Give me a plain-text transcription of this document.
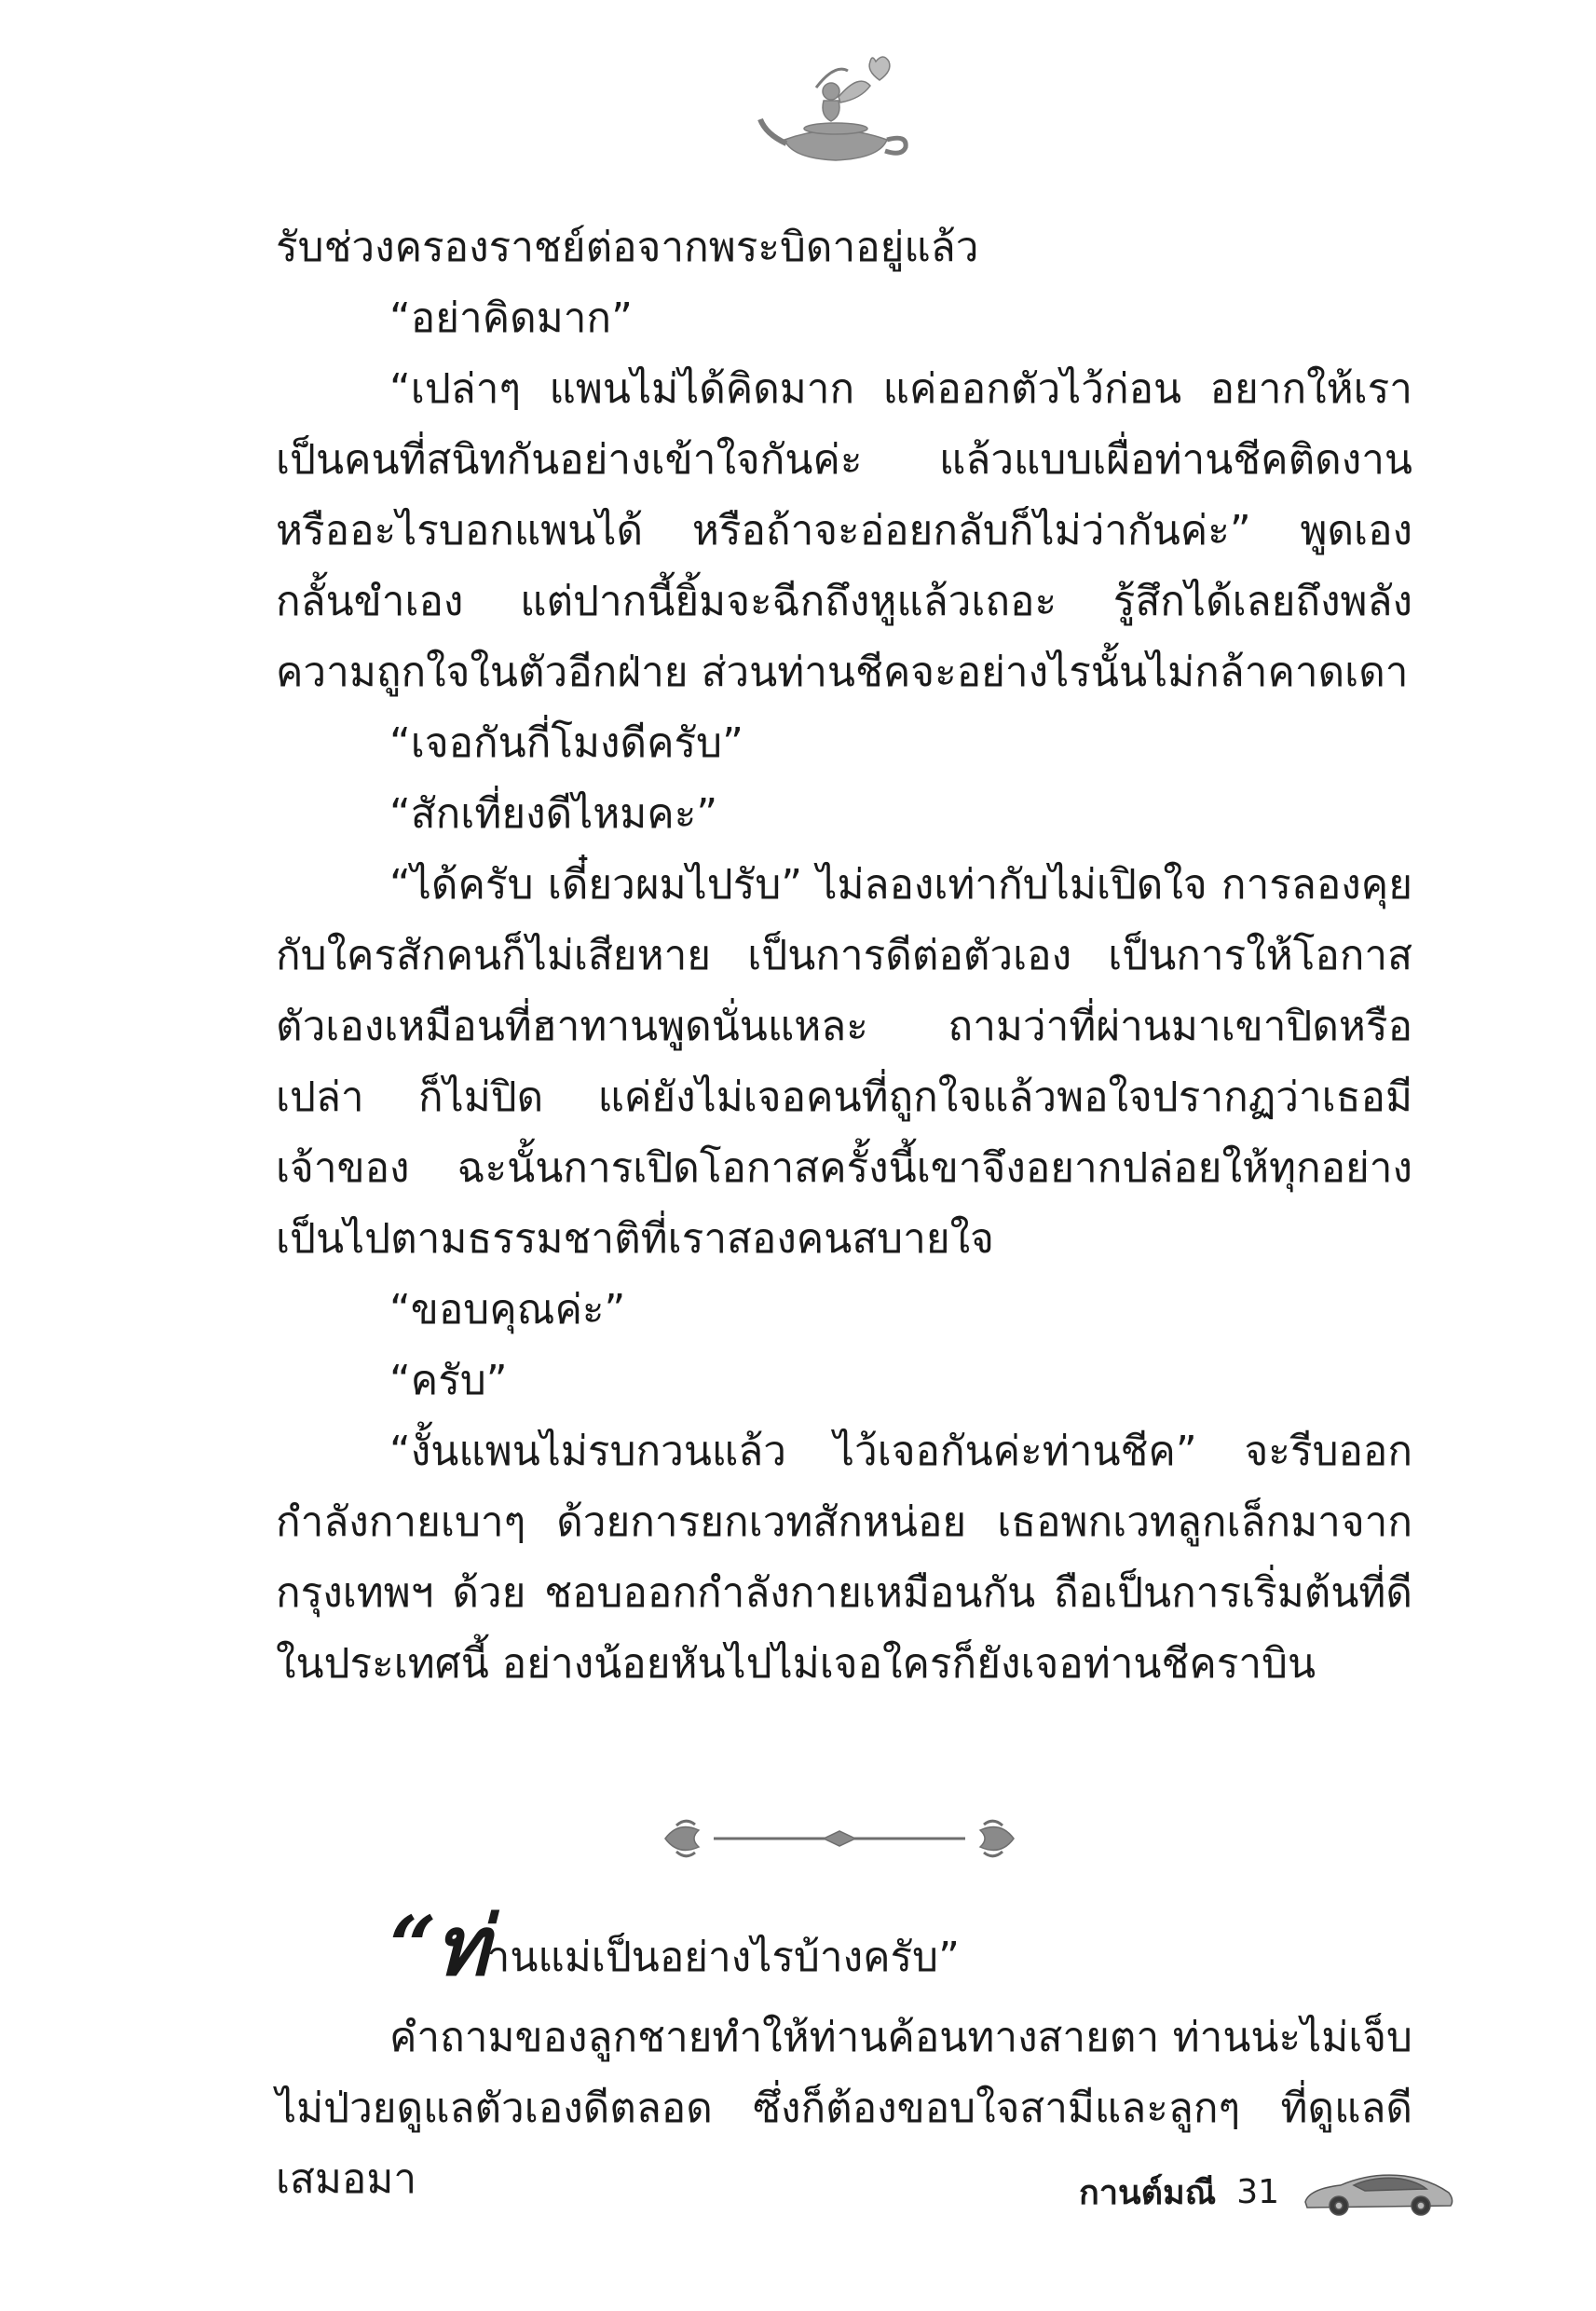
รับช่วงครองราชย์ต่อจากพระบิดาอยู่แล้ว

“อย่าคิดมาก”

“เปล่าๆ แพนไม่ได้คิดมาก แค่ออกตัวไว้ก่อน อยากให้เราเป็นคนที่สนิทกันอย่างเข้าใจกันค่ะ แล้วแบบเผื่อท่านชีคติดงานหรืออะไรบอกแพนได้ หรือถ้าจะอ่อยกลับก็ไม่ว่ากันค่ะ” พูดเองกลั้นขำเอง แต่ปากนี้ยิ้มจะฉีกถึงหูแล้วเถอะ รู้สึกได้เลยถึงพลังความถูกใจในตัวอีกฝ่าย ส่วนท่านชีคจะอย่างไรนั้นไม่กล้าคาดเดา

“เจอกันกี่โมงดีครับ”

“สักเที่ยงดีไหมคะ”

“ได้ครับ เดี๋ยวผมไปรับ” ไม่ลองเท่ากับไม่เปิดใจ การลองคุยกับใครสักคนก็ไม่เสียหาย เป็นการดีต่อตัวเอง เป็นการให้โอกาสตัวเองเหมือนที่ฮาทานพูดนั่นแหละ ถามว่าที่ผ่านมาเขาปิดหรือเปล่า ก็ไม่ปิด แค่ยังไม่เจอคนที่ถูกใจแล้วพอใจปรากฏว่าเธอมีเจ้าของ ฉะนั้นการเปิดโอกาสครั้งนี้เขาจึงอยากปล่อยให้ทุกอย่างเป็นไปตามธรรมชาติที่เราสองคนสบายใจ

“ขอบคุณค่ะ”

“ครับ”

“งั้นแพนไม่รบกวนแล้ว ไว้เจอกันค่ะท่านชีค” จะรีบออกกำลังกายเบาๆ ด้วยการยกเวทสักหน่อย เธอพกเวทลูกเล็กมาจากกรุงเทพฯ ด้วย ชอบออกกำลังกายเหมือนกัน ถือเป็นการเริ่มต้นที่ดีในประเทศนี้ อย่างน้อยหันไปไม่เจอใครก็ยังเจอท่านชีคราบิน

“ท่านแม่เป็นอย่างไรบ้างครับ”

คำถามของลูกชายทำให้ท่านค้อนทางสายตา ท่านน่ะไม่เจ็บไม่ป่วยดูแลตัวเองดีตลอด ซึ่งก็ต้องขอบใจสามีและลูกๆ ที่ดูแลดีเสมอมา	กานต์มณี 31
